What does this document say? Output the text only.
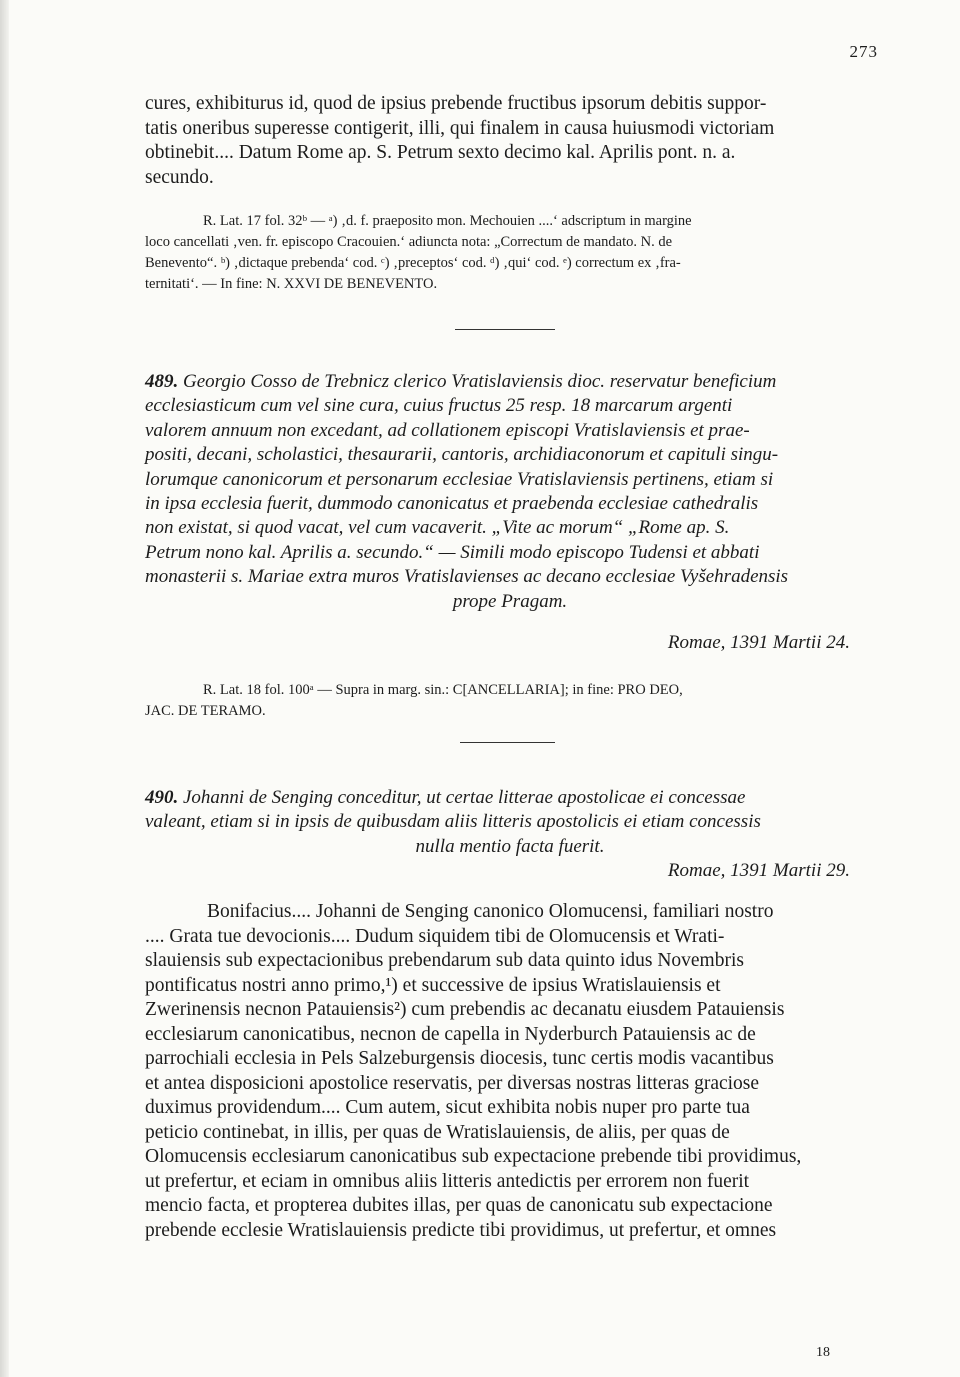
273

cures, exhibiturus id, quod de ipsius prebende fructibus ipsorum debitis suppor-

tatis oneribus superesse contigerit, illi, qui finalem in causa huiusmodi victoriam

obtinebit.... Datum Rome ap. S. Petrum sexto decimo kal. Aprilis pont. n. a.

secundo.

R. Lat. 17 fol. 32ᵇ — ᵃ) ‚d. f. praeposito mon. Mechouien ....‘ adscriptum in margine

loco cancellati ‚ven. fr. episcopo Cracouien.‘ adiuncta nota: „Correctum de mandato. N. de

Benevento“. ᵇ) ‚dictaque prebenda‘ cod. ᶜ) ‚preceptos‘ cod. ᵈ) ‚qui‘ cod. ᵉ) correctum ex ‚fra-

ternitati‘. — In fine: N. XXVI DE BENEVENTO.

489. Georgio Cosso de Trebnicz clerico Vratislaviensis dioc. reservatur beneficium

ecclesiasticum cum vel sine cura, cuius fructus 25 resp. 18 marcarum argenti

valorem annuum non excedant, ad collationem episcopi Vratislaviensis et prae-

positi, decani, scholastici, thesaurarii, cantoris, archidiaconorum et capituli singu-

lorumque canonicorum et personarum ecclesiae Vratislaviensis pertinens, etiam si

in ipsa ecclesia fuerit, dummodo canonicatus et praebenda ecclesiae cathedralis

non existat, si quod vacat, vel cum vacaverit. „Vite ac morum“ „Rome ap. S.

Petrum nono kal. Aprilis a. secundo.“ — Simili modo episcopo Tudensi et abbati

monasterii s. Mariae extra muros Vratislavienses ac decano ecclesiae Vyšehradensis

prope Pragam.

Romae, 1391 Martii 24.

R. Lat. 18 fol. 100ᵃ — Supra in marg. sin.: C[ANCELLARIA]; in fine: PRO DEO,

JAC. DE TERAMO.

490. Johanni de Senging conceditur, ut certae litterae apostolicae ei concessae

valeant, etiam si in ipsis de quibusdam aliis litteris apostolicis ei etiam concessis

nulla mentio facta fuerit.

Romae, 1391 Martii 29.

Bonifacius.... Johanni de Senging canonico Olomucensi, familiari nostro

.... Grata tue devocionis.... Dudum siquidem tibi de Olomucensis et Wrati-

slauiensis sub expectacionibus prebendarum sub data quinto idus Novembris

pontificatus nostri anno primo,¹) et successive de ipsius Wratislauiensis et

Zwerinensis necnon Patauiensis²) cum prebendis ac decanatu eiusdem Patauiensis

ecclesiarum canonicatibus, necnon de capella in Nyderburch Patauiensis ac de

parrochiali ecclesia in Pels Salzeburgensis diocesis, tunc certis modis vacantibus

et antea disposicioni apostolice reservatis, per diversas nostras litteras graciose

duximus providendum.... Cum autem, sicut exhibita nobis nuper pro parte tua

peticio continebat, in illis, per quas de Wratislauiensis, de aliis, per quas de

Olomucensis ecclesiarum canonicatibus sub expectacione prebende tibi providimus,

ut prefertur, et eciam in omnibus aliis litteris antedictis per errorem non fuerit

mencio facta, et propterea dubites illas, per quas de canonicatu sub expectacione

prebende ecclesie Wratislauiensis predicte tibi providimus, ut prefertur, et omnes

18
